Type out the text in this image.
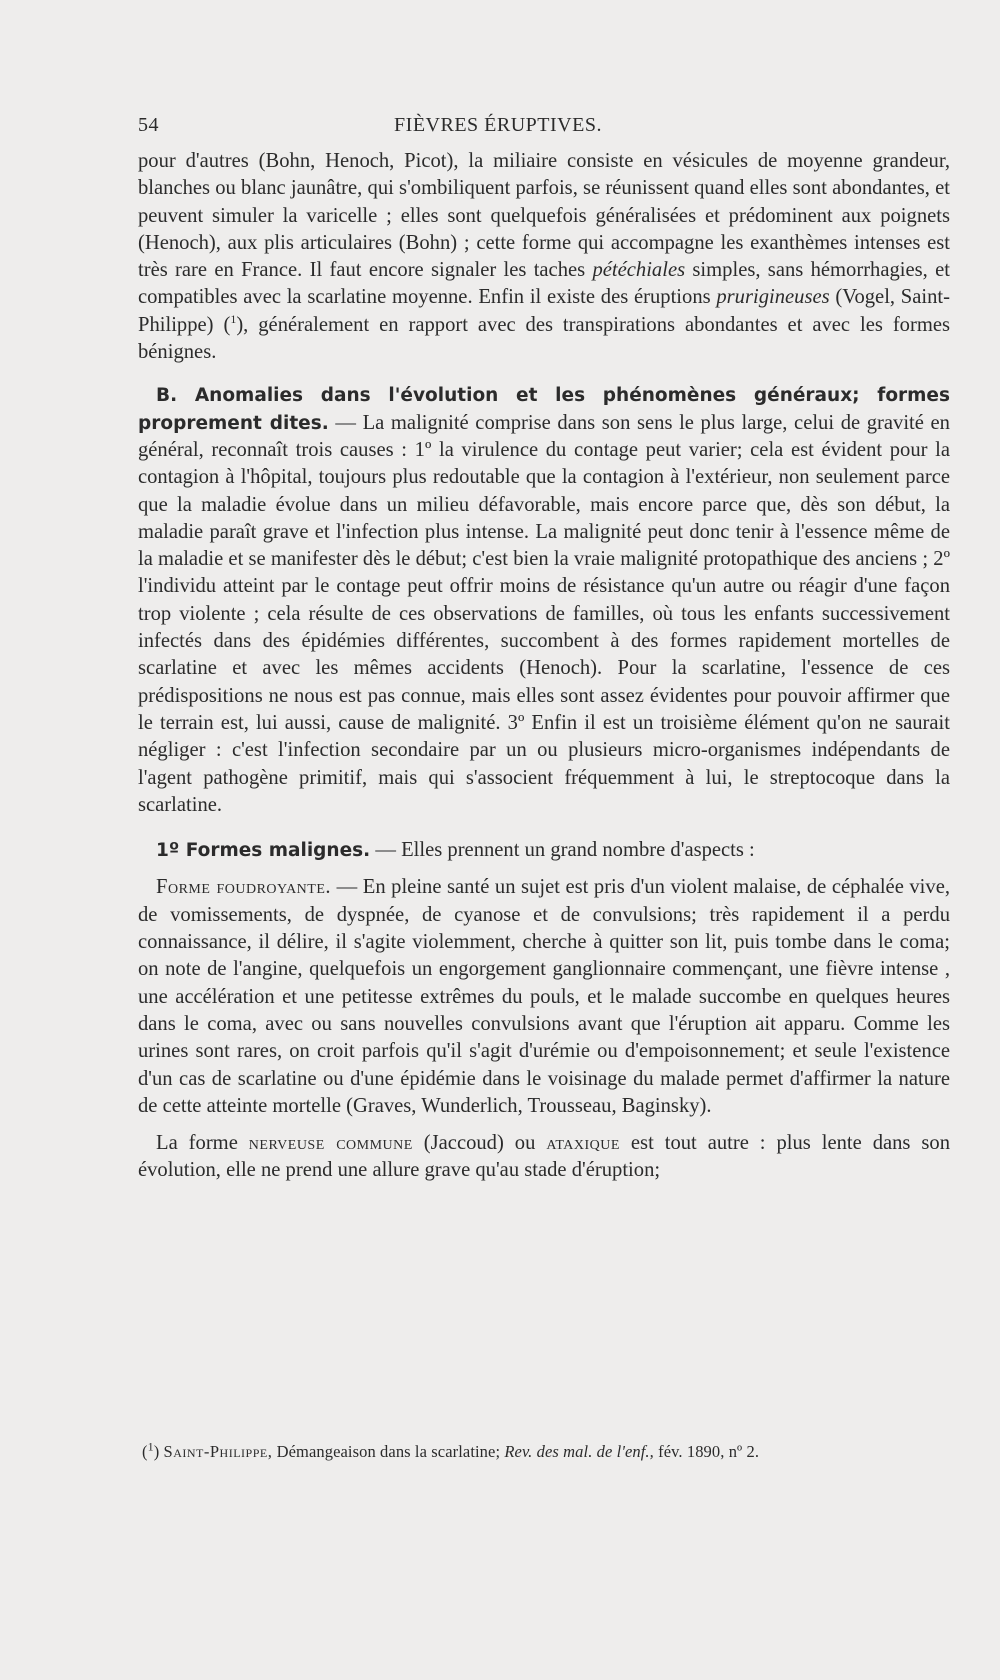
54	FIÈVRES ÉRUPTIVES.

pour d'autres (Bohn, Henoch, Picot), la miliaire consiste en vésicules de moyenne grandeur, blanches ou blanc jaunâtre, qui s'ombiliquent parfois, se réunissent quand elles sont abondantes, et peuvent simuler la varicelle ; elles sont quelquefois généralisées et prédominent aux poignets (Henoch), aux plis articulaires (Bohn) ; cette forme qui accompagne les exanthèmes intenses est très rare en France. Il faut encore signaler les taches pétéchiales simples, sans hémorrhagies, et compatibles avec la scarlatine moyenne. Enfin il existe des éruptions prurigineuses (Vogel, Saint-Philippe) ($^1$), généralement en rapport avec des transpirations abondantes et avec les formes bénignes.

B. Anomalies dans l'évolution et les phénomènes généraux; formes proprement dites. — La malignité comprise dans son sens le plus large, celui de gravité en général, reconnaît trois causes : 1º la virulence du contage peut varier; cela est évident pour la contagion à l'hôpital, toujours plus redoutable que la contagion à l'extérieur, non seulement parce que la maladie évolue dans un milieu défavorable, mais encore parce que, dès son début, la maladie paraît grave et l'infection plus intense. La malignité peut donc tenir à l'essence même de la maladie et se manifester dès le début; c'est bien la vraie malignité protopathique des anciens ; 2º l'individu atteint par le contage peut offrir moins de résistance qu'un autre ou réagir d'une façon trop violente ; cela résulte de ces observations de familles, où tous les enfants successivement infectés dans des épidémies différentes, succombent à des formes rapidement mortelles de scarlatine et avec les mêmes accidents (Henoch). Pour la scarlatine, l'essence de ces prédispositions ne nous est pas connue, mais elles sont assez évidentes pour pouvoir affirmer que le terrain est, lui aussi, cause de malignité. 3º Enfin il est un troisième élément qu'on ne saurait négliger : c'est l'infection secondaire par un ou plusieurs micro-organismes indépendants de l'agent pathogène primitif, mais qui s'associent fréquemment à lui, le streptocoque dans la scarlatine.

1º Formes malignes. — Elles prennent un grand nombre d'aspects :

Forme foudroyante. — En pleine santé un sujet est pris d'un violent malaise, de céphalée vive, de vomissements, de dyspnée, de cyanose et de convulsions; très rapidement il a perdu connaissance, il délire, il s'agite violemment, cherche à quitter son lit, puis tombe dans le coma; on note de l'angine, quelquefois un engorgement ganglionnaire commençant, une fièvre intense , une accélération et une petitesse extrêmes du pouls, et le malade succombe en quelques heures dans le coma, avec ou sans nouvelles convulsions avant que l'éruption ait apparu. Comme les urines sont rares, on croit parfois qu'il s'agit d'urémie ou d'empoisonnement; et seule l'existence d'un cas de scarlatine ou d'une épidémie dans le voisinage du malade permet d'affirmer la nature de cette atteinte mortelle (Graves, Wunderlich, Trousseau, Baginsky).

La forme nerveuse commune (Jaccoud) ou ataxique est tout autre : plus lente dans son évolution, elle ne prend une allure grave qu'au stade d'éruption;

($^1$) Saint-Philippe, Démangeaison dans la scarlatine; Rev. des mal. de l'enf., fév. 1890, nº 2.
